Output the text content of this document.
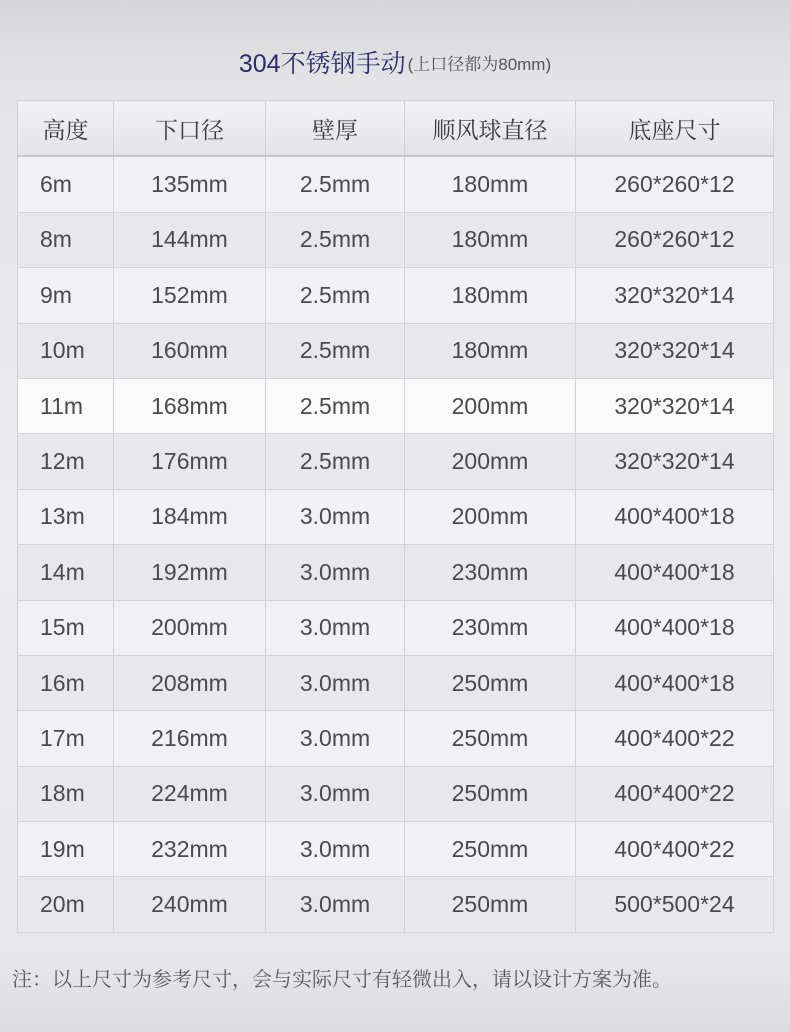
304不锈钢手动 (上口径都为80mm)
高度	下口径	壁厚	顺风球直径	底座尺寸
6m	135mm	2.5mm	180mm	260*260*12
8m	144mm	2.5mm	180mm	260*260*12
9m	152mm	2.5mm	180mm	320*320*14
10m	160mm	2.5mm	180mm	320*320*14
11m	168mm	2.5mm	200mm	320*320*14
12m	176mm	2.5mm	200mm	320*320*14
13m	184mm	3.0mm	200mm	400*400*18
14m	192mm	3.0mm	230mm	400*400*18
15m	200mm	3.0mm	230mm	400*400*18
16m	208mm	3.0mm	250mm	400*400*18
17m	216mm	3.0mm	250mm	400*400*22
18m	224mm	3.0mm	250mm	400*400*22
19m	232mm	3.0mm	250mm	400*400*22
20m	240mm	3.0mm	250mm	500*500*24
注：以上尺寸为参考尺寸，会与实际尺寸有轻微出入，请以设计方案为准。
